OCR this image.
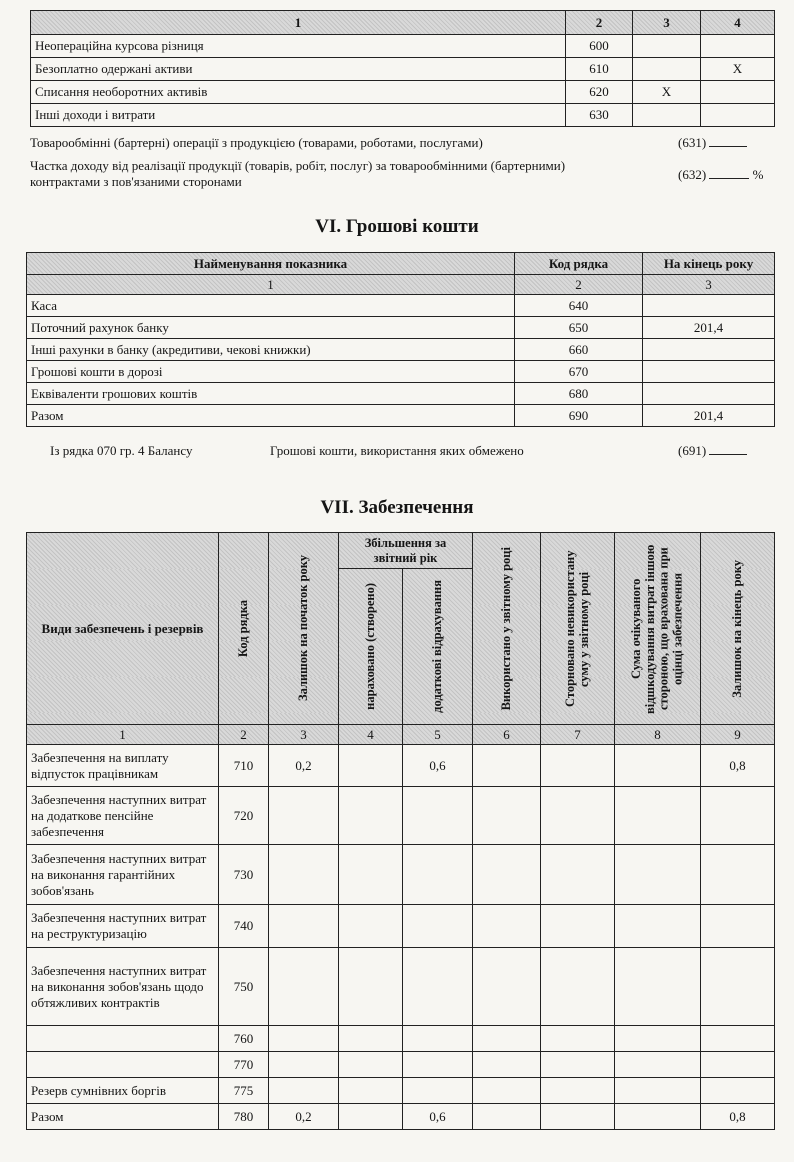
1	2	3	4
Неопераційна курсова різниця	600		
Безоплатно одержані активи	610		X
Списання необоротних активів	620	X	
Інші доходи і витрати	630		
Товарообмінні (бартерні) операції з продукцією (товарами, роботами, послугами)	(631)
Частка доходу від реалізації продукції (товарів, робіт, послуг) за товарообмінними (бартерними)
контрактами з пов'язаними сторонами	(632)	%
VI. Грошові кошти
Найменування показника	Код рядка	На кінець року
1	2	3
Каса	640	
Поточний рахунок банку	650	201,4
Інші рахунки в банку (акредитиви, чекові книжки)	660	
Грошові кошти в дорозі	670	
Еквіваленти грошових коштів	680	
Разом	690	201,4
Із рядка 070 гр. 4 Балансу	Грошові кошти, використання яких обмежено	(691)
VII. Забезпечення
Види забезпечень і резервів	Код рядка	Залишок на початок року	Збільшення за звітний рік		Використано у звітному році	Сторновано невикористану суму у звітному році	Сума очікуваного відшкодування витрат іншою стороною, що врахована при оцінці забезпечення	Залишок на кінець року

			нараховано (створено)	додаткові відрахування				

1	2	3	4	5	6	7	8	9
Забезпечення на виплату відпусток працівникам	710	0,2		0,6				0,8
Забезпечення наступних витрат на додаткове пенсійне забезпечення	720							
Забезпечення наступних витрат на виконання гарантійних зобов'язань	730							
Забезпечення наступних витрат на реструктуризацію	740							
Забезпечення наступних витрат на виконання зобов'язань щодо обтяжливих контрактів	750							
	760							
	770							
Резерв сумнівних боргів	775							
Разом	780	0,2		0,6				0,8
